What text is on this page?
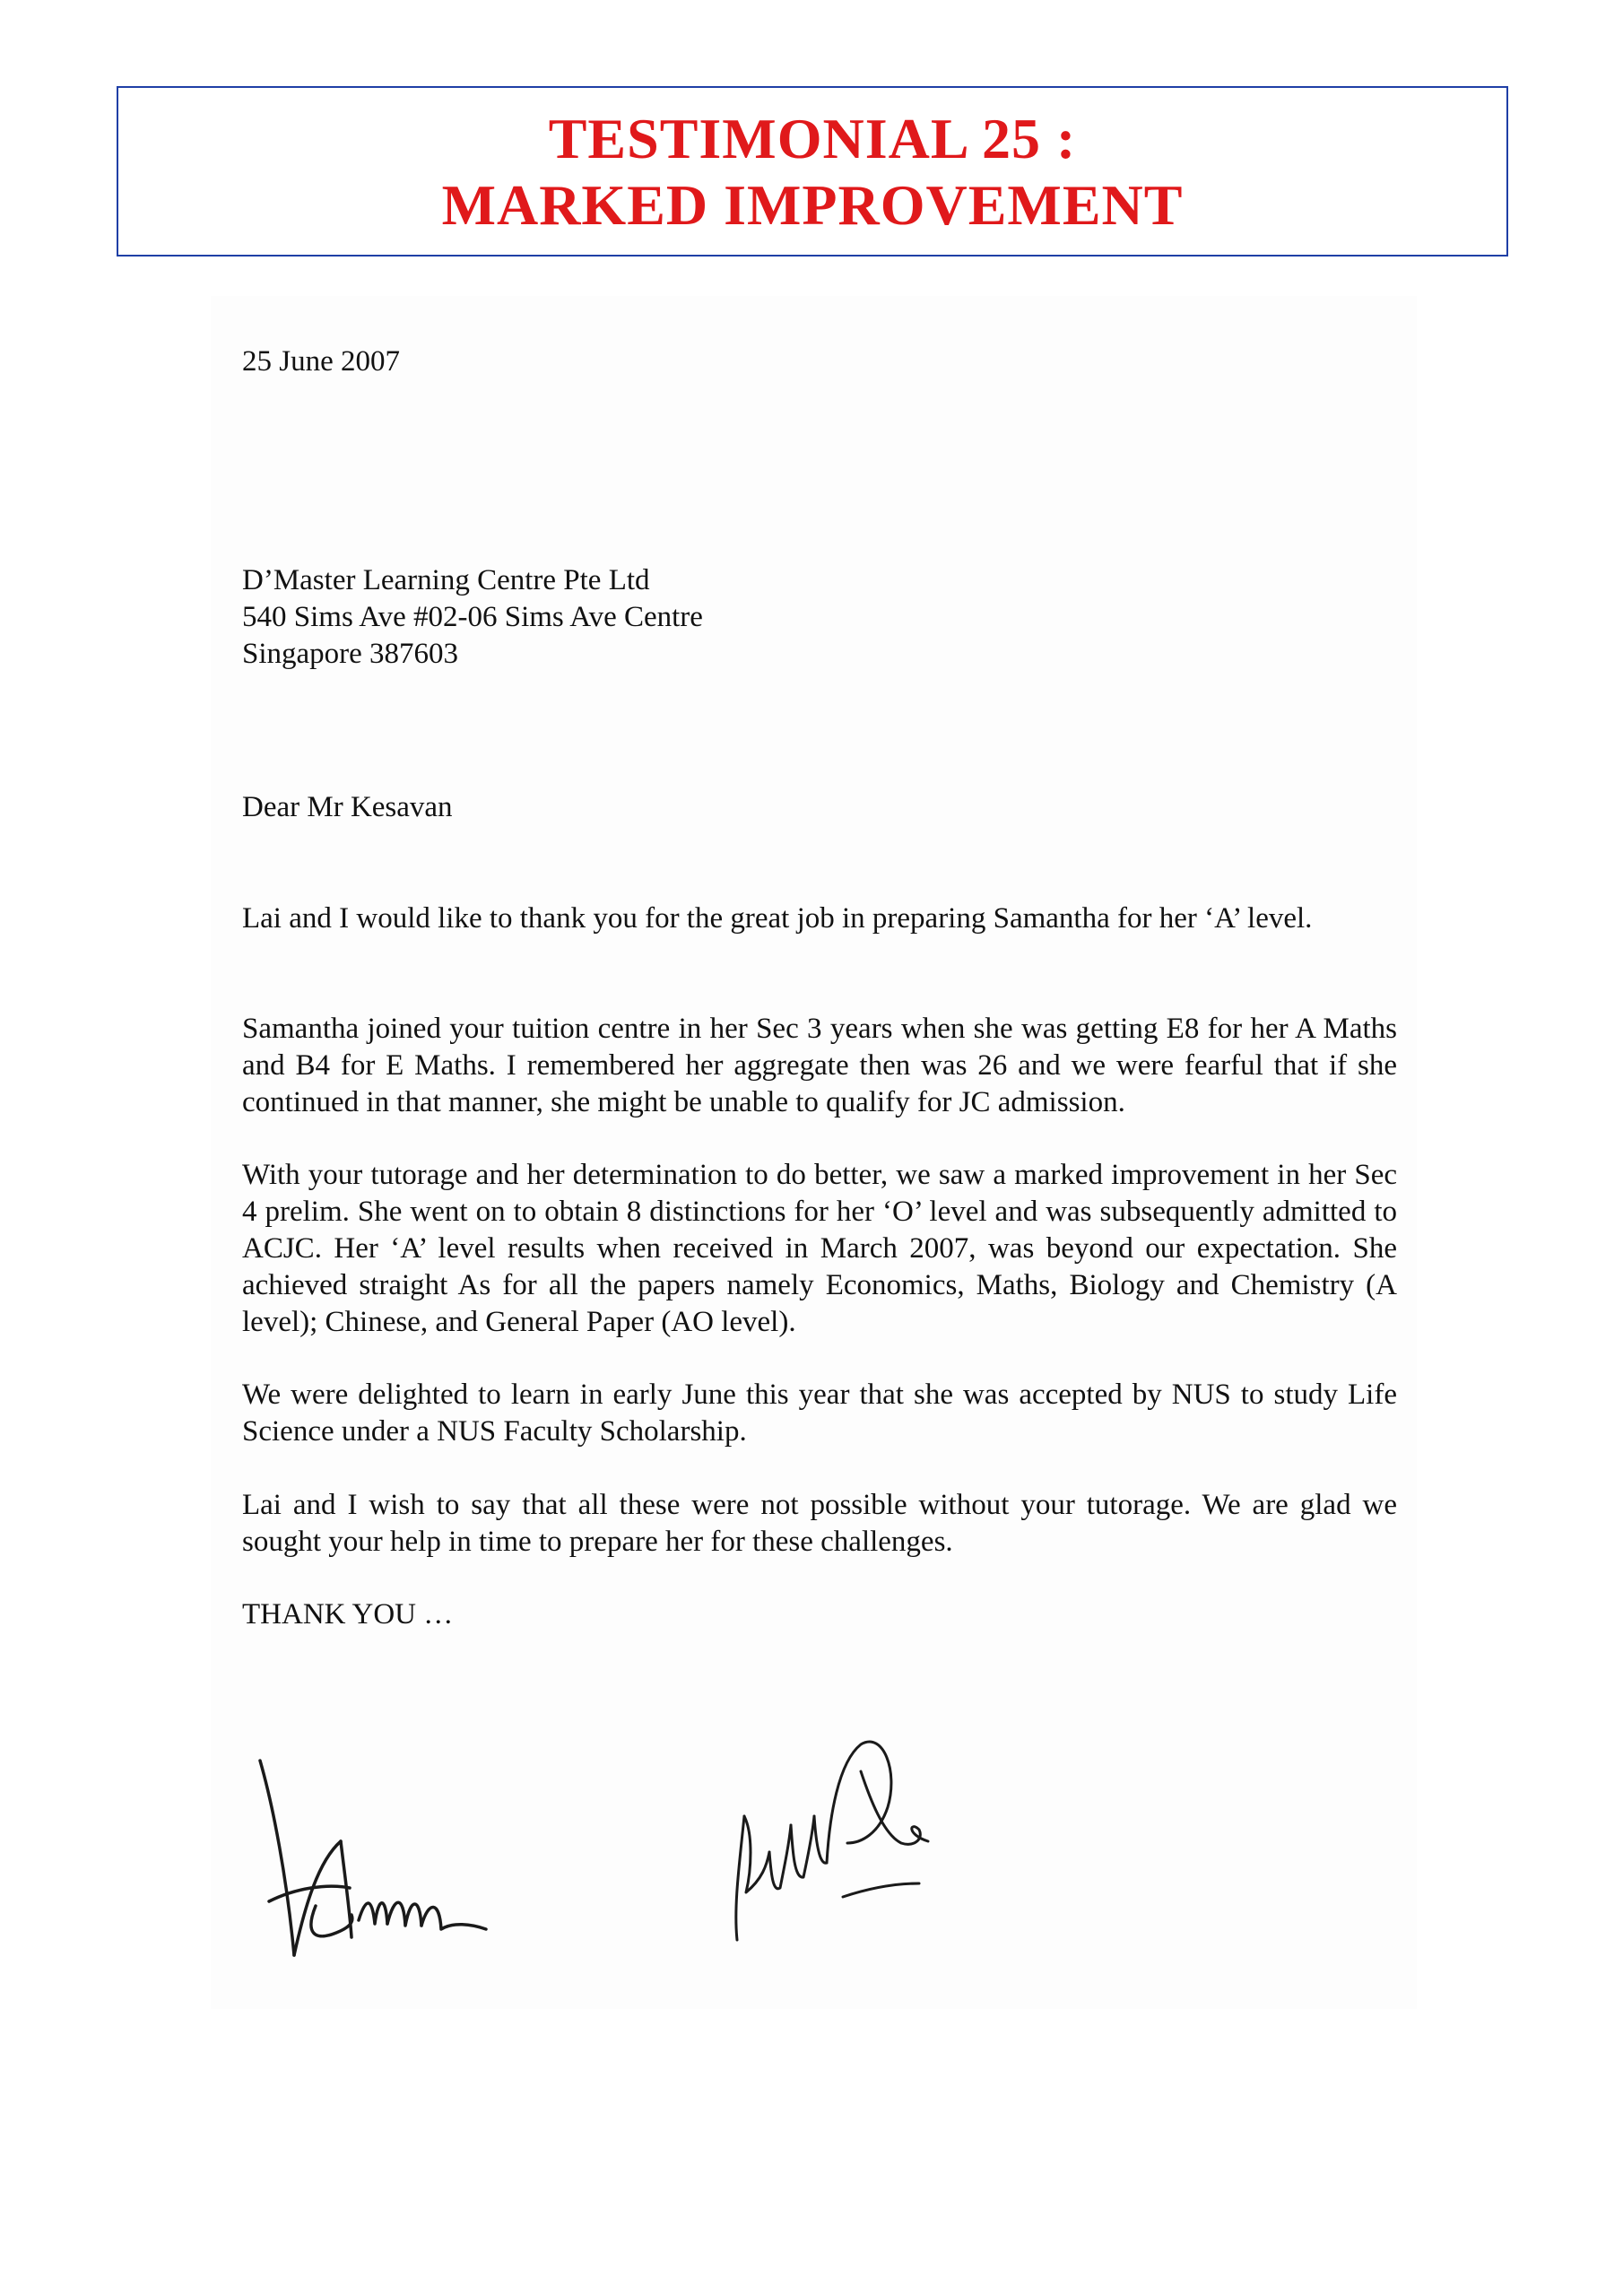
TESTIMONIAL 25 :
MARKED IMPROVEMENT
25 June 2007
D’Master Learning Centre Pte Ltd
540 Sims Ave #02-06 Sims Ave Centre
Singapore 387603
Dear Mr Kesavan
Lai and I would like to thank you for the great job in preparing Samantha for her ‘A’ level.
Samantha joined your tuition centre in her Sec 3 years when she was getting E8 for her A Maths and B4 for E Maths. I remembered her aggregate then was 26 and we were fearful that if she continued in that manner, she might be unable to qualify for JC admission.
With your tutorage and her determination to do better, we saw a marked improvement in her Sec 4 prelim. She went on to obtain 8 distinctions for her ‘O’ level and was subsequently admitted to ACJC. Her ‘A’ level results when received in March 2007, was beyond our expectation. She achieved straight As for all the papers namely Economics, Maths, Biology and Chemistry (A level); Chinese, and General Paper (AO level).
We were delighted to learn in early June this year that she was accepted by NUS to study Life Science under a NUS Faculty Scholarship.
Lai and I wish to say that all these were not possible without your tutorage. We are glad we sought your help in time to prepare her for these challenges.
THANK YOU …
